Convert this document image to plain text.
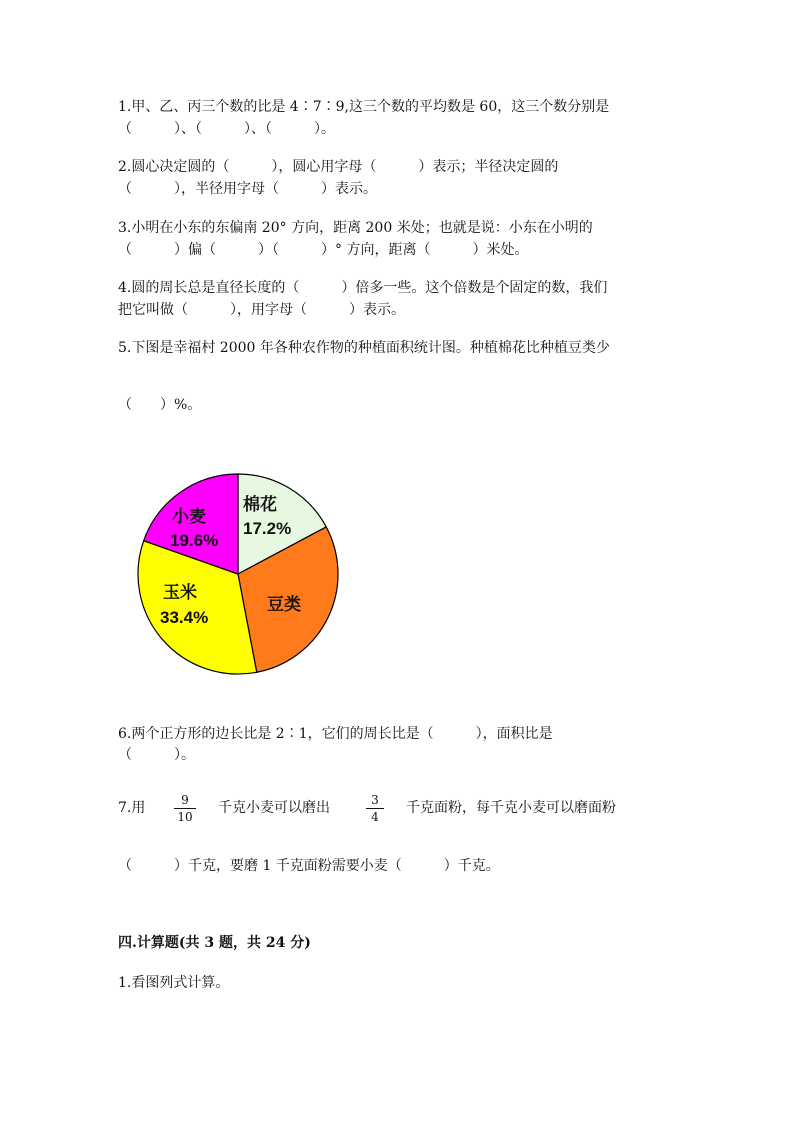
1.甲、乙、丙三个数的比是 4∶7∶9,这三个数的平均数是 60，这三个数分别是
（　　　）、（　　　）、（　　　）。
2.圆心决定圆的（　　　），圆心用字母（　　　）表示；半径决定圆的
（　　　），半径用字母（　　　）表示。
3.小明在小东的东偏南 20° 方向，距离 200 米处；也就是说：小东在小明的
（　　　）偏（　　　）（　　　）° 方向，距离（　　　）米处。
4.圆的周长总是直径长度的（　　　）倍多一些。这个倍数是个固定的数，我们
把它叫做（　　　），用字母（　　　）表示。
5.下图是幸福村 2000 年各种农作物的种植面积统计图。种植棉花比种植豆类少
（　　）%。
棉花
17.2%
小麦
19.6%
豆类
玉米
33.4%
6.两个正方形的边长比是 2∶1，它们的周长比是（　　　），面积比是
（　　　）。
7.用	9
10
千克小麦可以磨出	3
4
千克面粉，每千克小麦可以磨面粉
（　　　）千克，要磨 1 千克面粉需要小麦（　　　）千克。
四.计算题(共 3 题，共 24 分)
1.看图列式计算。
